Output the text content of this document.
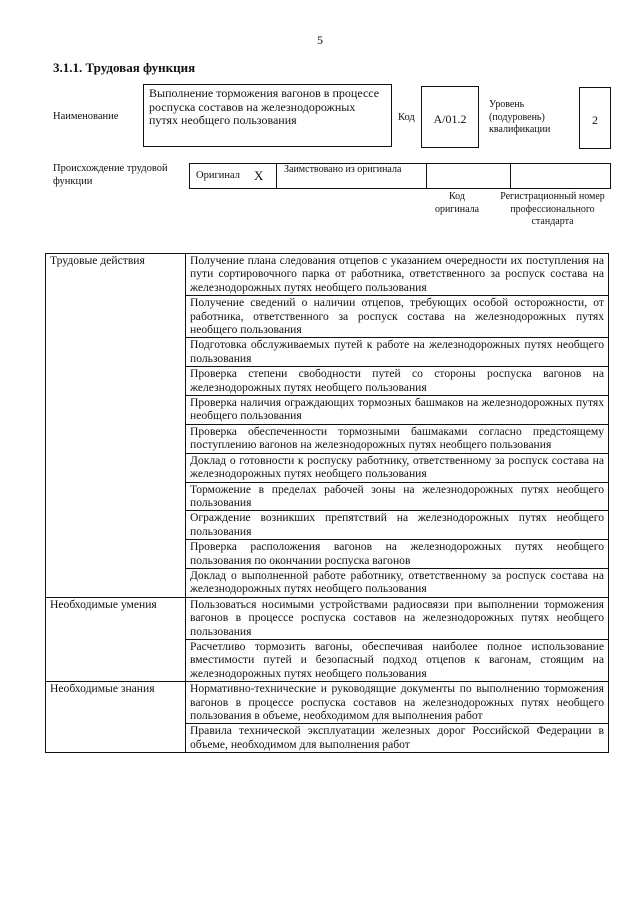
5
3.1.1. Трудовая функция
Наименование
Выполнение торможения вагонов в процессе роспуска составов на железнодорожных путях необщего пользования	Код	А/01.2
Уровень (подуровень) квалификации
2
Происхождение трудовой функции	Оригинал Х Заимствовано из оригинала
Код оригинала
Регистрационный номер профессионального стандарта
Трудовые действия	Получение плана следования отцепов с указанием очередности их поступления на пути сортировочного парка от работника, ответственного за роспуск состава на железнодорожных путях необщего пользования
	Получение сведений о наличии отцепов, требующих особой осторожности, от работника, ответственного за роспуск состава на железнодорожных путях необщего пользования
	Подготовка обслуживаемых путей к работе на железнодорожных путях необщего пользования
	Проверка степени свободности путей со стороны роспуска вагонов на железнодорожных путях необщего пользования
	Проверка наличия ограждающих тормозных башмаков на железнодорожных путях необщего пользования
	Проверка обеспеченности тормозными башмаками согласно предстоящему поступлению вагонов на железнодорожных путях необщего пользования
	Доклад о готовности к роспуску работнику, ответственному за роспуск состава на железнодорожных путях необщего пользования
	Торможение в пределах рабочей зоны на железнодорожных путях необщего пользования
	Ограждение возникших препятствий на железнодорожных путях необщего пользования
	Проверка расположения вагонов на железнодорожных путях необщего пользования по окончании роспуска вагонов
	Доклад о выполненной работе работнику, ответственному за роспуск состава на железнодорожных путях необщего пользования
Необходимые умения	Пользоваться носимыми устройствами радиосвязи при выполнении торможения вагонов в процессе роспуска составов на железнодорожных путях необщего пользования
	Расчетливо тормозить вагоны, обеспечивая наиболее полное использование вместимости путей и безопасный подход отцепов к вагонам, стоящим на железнодорожных путях необщего пользования
Необходимые знания	Нормативно-технические и руководящие документы по выполнению торможения вагонов в процессе роспуска составов на железнодорожных путях необщего пользования в объеме, необходимом для выполнения работ
	Правила технической эксплуатации железных дорог Российской Федерации в объеме, необходимом для выполнения работ
